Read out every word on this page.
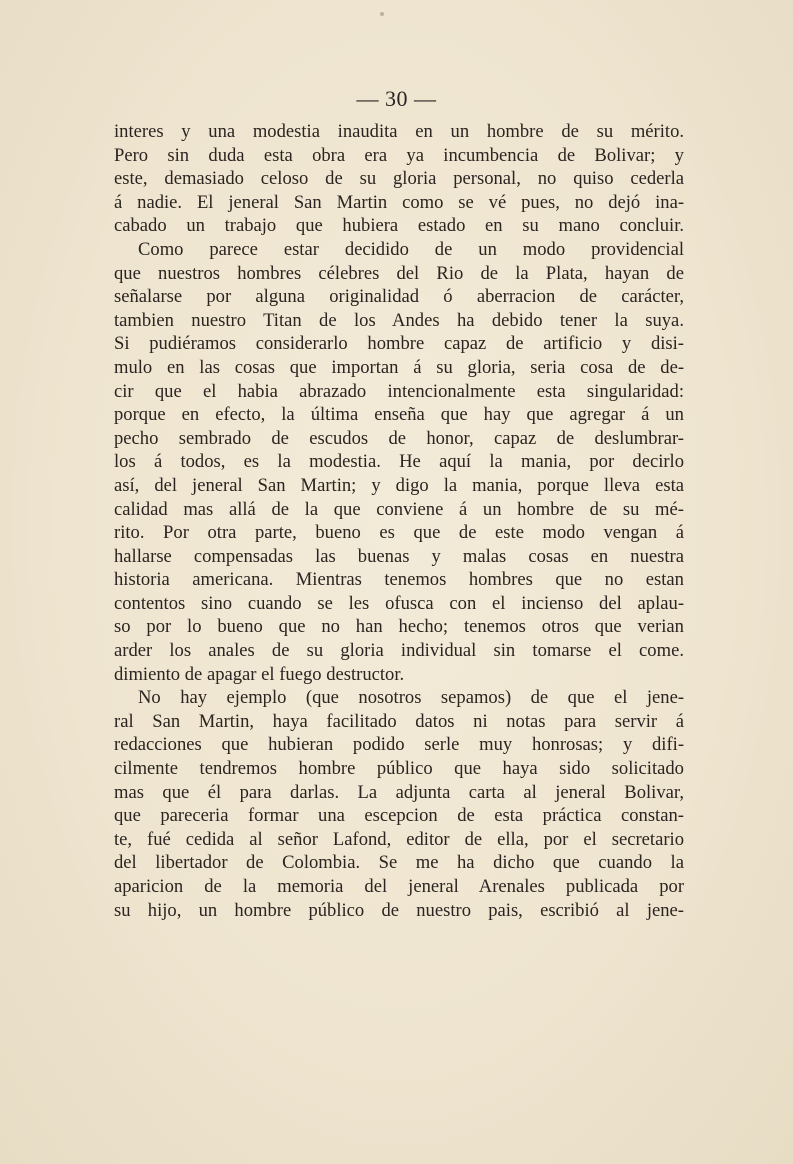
— 30 —
interes y una modestia inaudita en un hombre de su mérito.
Pero sin duda esta obra era ya incumbencia de Bolivar; y
este, demasiado celoso de su gloria personal, no quiso cederla
á nadie. El jeneral San Martin como se vé pues, no dejó ina-
cabado un trabajo que hubiera estado en su mano concluir.
Como parece estar decidido de un modo providencial
que nuestros hombres célebres del Rio de la Plata, hayan de
señalarse por alguna originalidad ó aberracion de carácter,
tambien nuestro Titan de los Andes ha debido tener la suya.
Si pudiéramos considerarlo hombre capaz de artificio y disi-
mulo en las cosas que importan á su gloria, seria cosa de de-
cir que el habia abrazado intencionalmente esta singularidad:
porque en efecto, la última enseña que hay que agregar á un
pecho sembrado de escudos de honor, capaz de deslumbrar-
los á todos, es la modestia. He aquí la mania, por decirlo
así, del jeneral San Martin; y digo la mania, porque lleva esta
calidad mas allá de la que conviene á un hombre de su mé-
rito. Por otra parte, bueno es que de este modo vengan á
hallarse compensadas las buenas y malas cosas en nuestra
historia americana. Mientras tenemos hombres que no estan
contentos sino cuando se les ofusca con el incienso del aplau-
so por lo bueno que no han hecho; tenemos otros que verian
arder los anales de su gloria individual sin tomarse el come.
dimiento de apagar el fuego destructor.
No hay ejemplo (que nosotros sepamos) de que el jene-
ral San Martin, haya facilitado datos ni notas para servir á
redacciones que hubieran podido serle muy honrosas; y difi-
cilmente tendremos hombre público que haya sido solicitado
mas que él para darlas. La adjunta carta al jeneral Bolivar,
que pareceria formar una escepcion de esta práctica constan-
te, fué cedida al señor Lafond, editor de ella, por el secretario
del libertador de Colombia. Se me ha dicho que cuando la
aparicion de la memoria del jeneral Arenales publicada por
su hijo, un hombre público de nuestro pais, escribió al jene-
